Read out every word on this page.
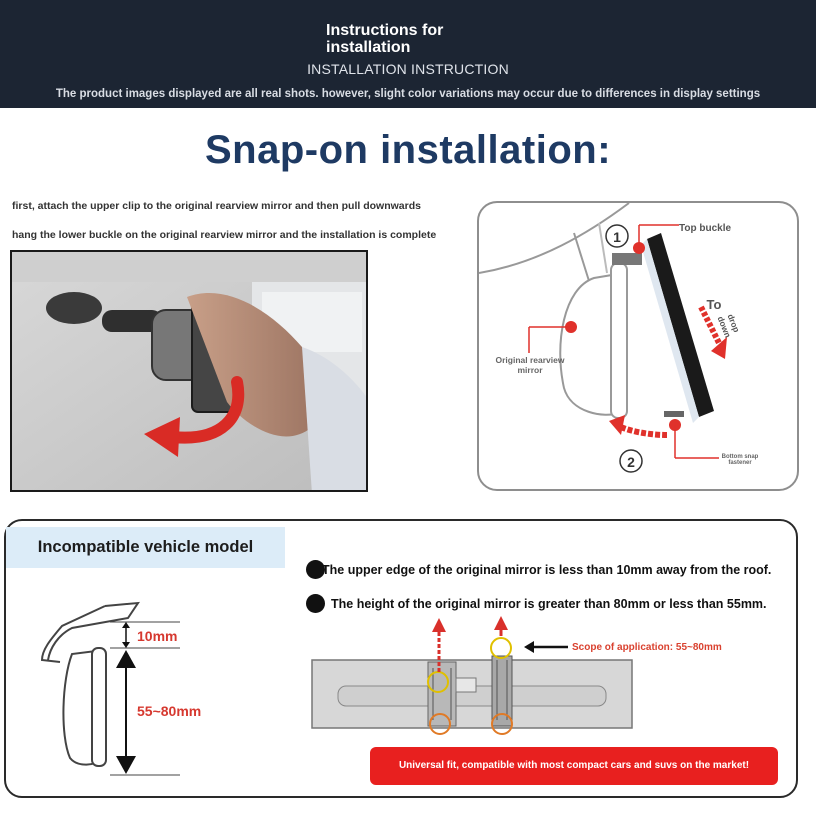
Instructions for installation
INSTALLATION INSTRUCTION
The product images displayed are all real shots. however, slight color variations may occur due to differences in display settings
Snap-on installation:
first, attach the upper clip to the original rearview mirror and then pull downwards
hang the lower buckle on the original rearview mirror and the installation is complete	1
2
Top buckle
To
drop down
Original rearview mirror
Bottom snap fastener
Incompatible vehicle model
The upper edge of the original mirror is less than 10mm away from the roof.
The height of the original mirror is greater than 80mm or less than 55mm.
10mm
55~80mm
Scope of application: 55~80mm
Universal fit, compatible with most compact cars and suvs on the market!
